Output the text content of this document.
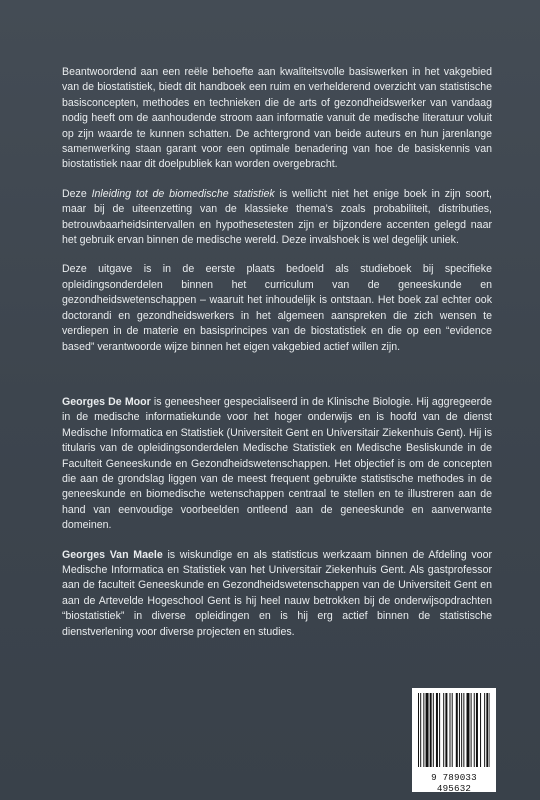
Beantwoordend aan een reële behoefte aan kwaliteitsvolle basiswerken in het vakgebied van de biostatistiek, biedt dit handboek een ruim en verhelderend overzicht van statistische basisconcepten, methodes en technieken die de arts of gezondheidswerker van vandaag nodig heeft om de aanhoudende stroom aan informatie vanuit de medische literatuur voluit op zijn waarde te kunnen schatten. De achtergrond van beide auteurs en hun jarenlange samenwerking staan garant voor een optimale benadering van hoe de basiskennis van biostatistiek naar dit doelpubliek kan worden overgebracht.

Deze Inleiding tot de biomedische statistiek is wellicht niet het enige boek in zijn soort, maar bij de uiteenzetting van de klassieke thema’s zoals probabiliteit, distributies, betrouwbaarheidsintervallen en hypothesetesten zijn er bijzondere accenten gelegd naar het gebruik ervan binnen de medische wereld. Deze invalshoek is wel degelijk uniek.

Deze uitgave is in de eerste plaats bedoeld als studieboek bij specifieke opleidingsonderdelen binnen het curriculum van de geneeskunde en gezondheidswetenschappen – waaruit het inhoudelijk is ontstaan. Het boek zal echter ook doctorandi en gezondheidswerkers in het algemeen aanspreken die zich wensen te verdiepen in de materie en basisprincipes van de biostatistiek en die op een “evidence based” verantwoorde wijze binnen het eigen vakgebied actief willen zijn.

Georges De Moor is geneesheer gespecialiseerd in de Klinische Biologie. Hij aggregeerde in de medische informatiekunde voor het hoger onderwijs en is hoofd van de dienst Medische Informatica en Statistiek (Universiteit Gent en Universitair Ziekenhuis Gent). Hij is titularis van de opleidingsonderdelen Medische Statistiek en Medische Besliskunde in de Faculteit Geneeskunde en Gezondheidswetenschappen. Het objectief is om de concepten die aan de grondslag liggen van de meest frequent gebruikte statistische methodes in de geneeskunde en biomedische wetenschappen centraal te stellen en te illustreren aan de hand van eenvoudige voorbeelden ontleend aan de geneeskunde en aanverwante domeinen.

Georges Van Maele is wiskundige en als statisticus werkzaam binnen de Afdeling voor Medische Informatica en Statistiek van het Universitair Ziekenhuis Gent. Als gastprofessor aan de faculteit Geneeskunde en Gezondheidswetenschappen van de Universiteit Gent en aan de Artevelde Hogeschool Gent is hij heel nauw betrokken bij de onderwijsopdrachten “biostatistiek” in diverse opleidingen en is hij erg actief binnen de statistische dienstverlening voor diverse projecten en studies.

9 789033 495632
